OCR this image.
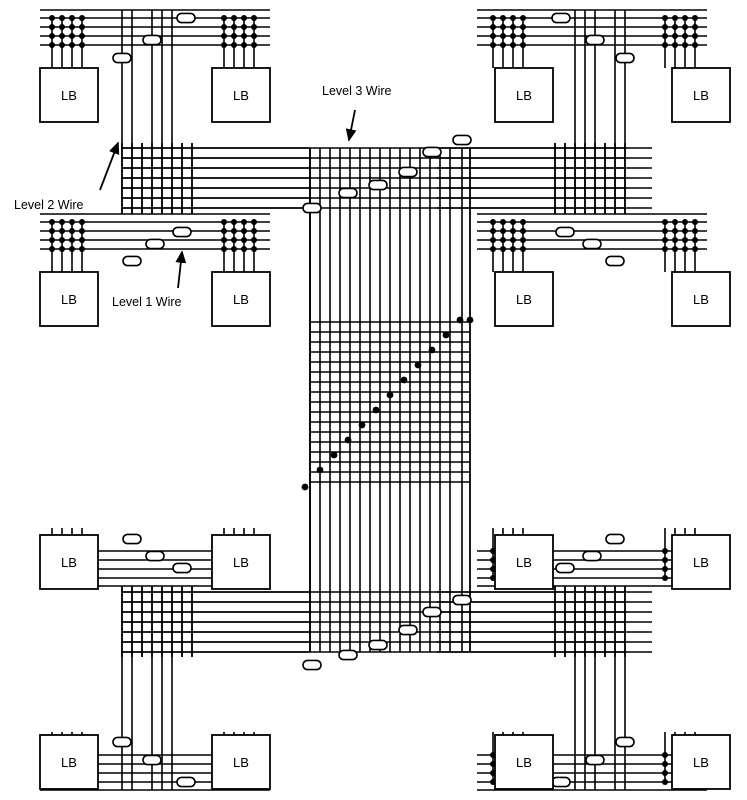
LB	LB	LB	LB
LB	LB	LB	LB
LB	LB	LB	LB
LB	LB	LB	LB
Level 3 Wire
Level 2 Wire
Level 1 Wire
